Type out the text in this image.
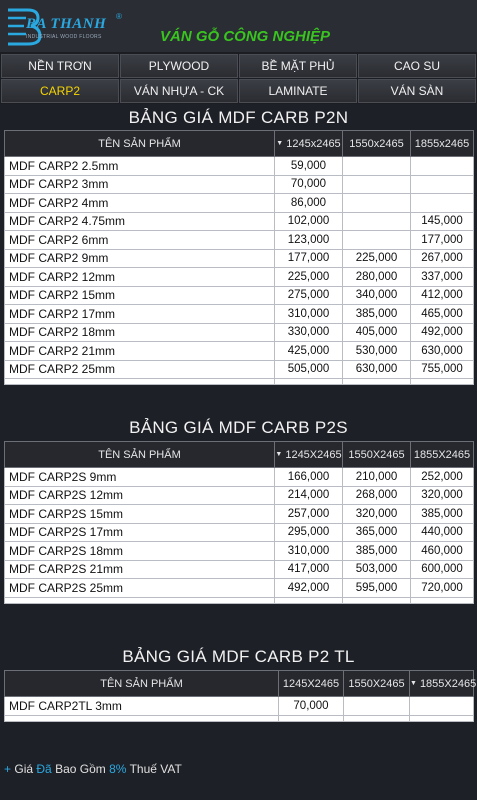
BA THANH ®
INDUSTRIAL WOOD FLOORS	VÁN GỖ CÔNG NGHIỆP
NỀN TRƠN	PLYWOOD	BỀ MẶT PHỦ	CAO SU
CARP2	VÁN NHỰA - CK	LAMINATE	VÁN SÀN
BẢNG GIÁ MDF CARB P2N
TÊN SẢN PHẨM	▼ 1245x2465	1550x2465	1855x2465
MDF CARP2 2.5mm	59,000		
MDF CARP2 3mm	70,000		
MDF CARP2 4mm	86,000		
MDF CARP2 4.75mm	102,000		145,000
MDF CARP2 6mm	123,000		177,000
MDF CARP2 9mm	177,000	225,000	267,000
MDF CARP2 12mm	225,000	280,000	337,000
MDF CARP2 15mm	275,000	340,000	412,000
MDF CARP2 17mm	310,000	385,000	465,000
MDF CARP2 18mm	330,000	405,000	492,000
MDF CARP2 21mm	425,000	530,000	630,000
MDF CARP2 25mm	505,000	630,000	755,000

BẢNG GIÁ MDF CARB P2S
TÊN SẢN PHẨM	▼ 1245X2465	1550X2465	1855X2465
MDF CARP2S 9mm	166,000	210,000	252,000
MDF CARP2S 12mm	214,000	268,000	320,000
MDF CARP2S 15mm	257,000	320,000	385,000
MDF CARP2S 17mm	295,000	365,000	440,000
MDF CARP2S 18mm	310,000	385,000	460,000
MDF CARP2S 21mm	417,000	503,000	600,000
MDF CARP2S 25mm	492,000	595,000	720,000

BẢNG GIÁ MDF CARB P2 TL
TÊN SẢN PHẨM	1245X2465	1550X2465	▼ 1855X2465
MDF CARP2TL 3mm	70,000		

+ Giá Đã Bao Gồm 8% Thuế VAT
